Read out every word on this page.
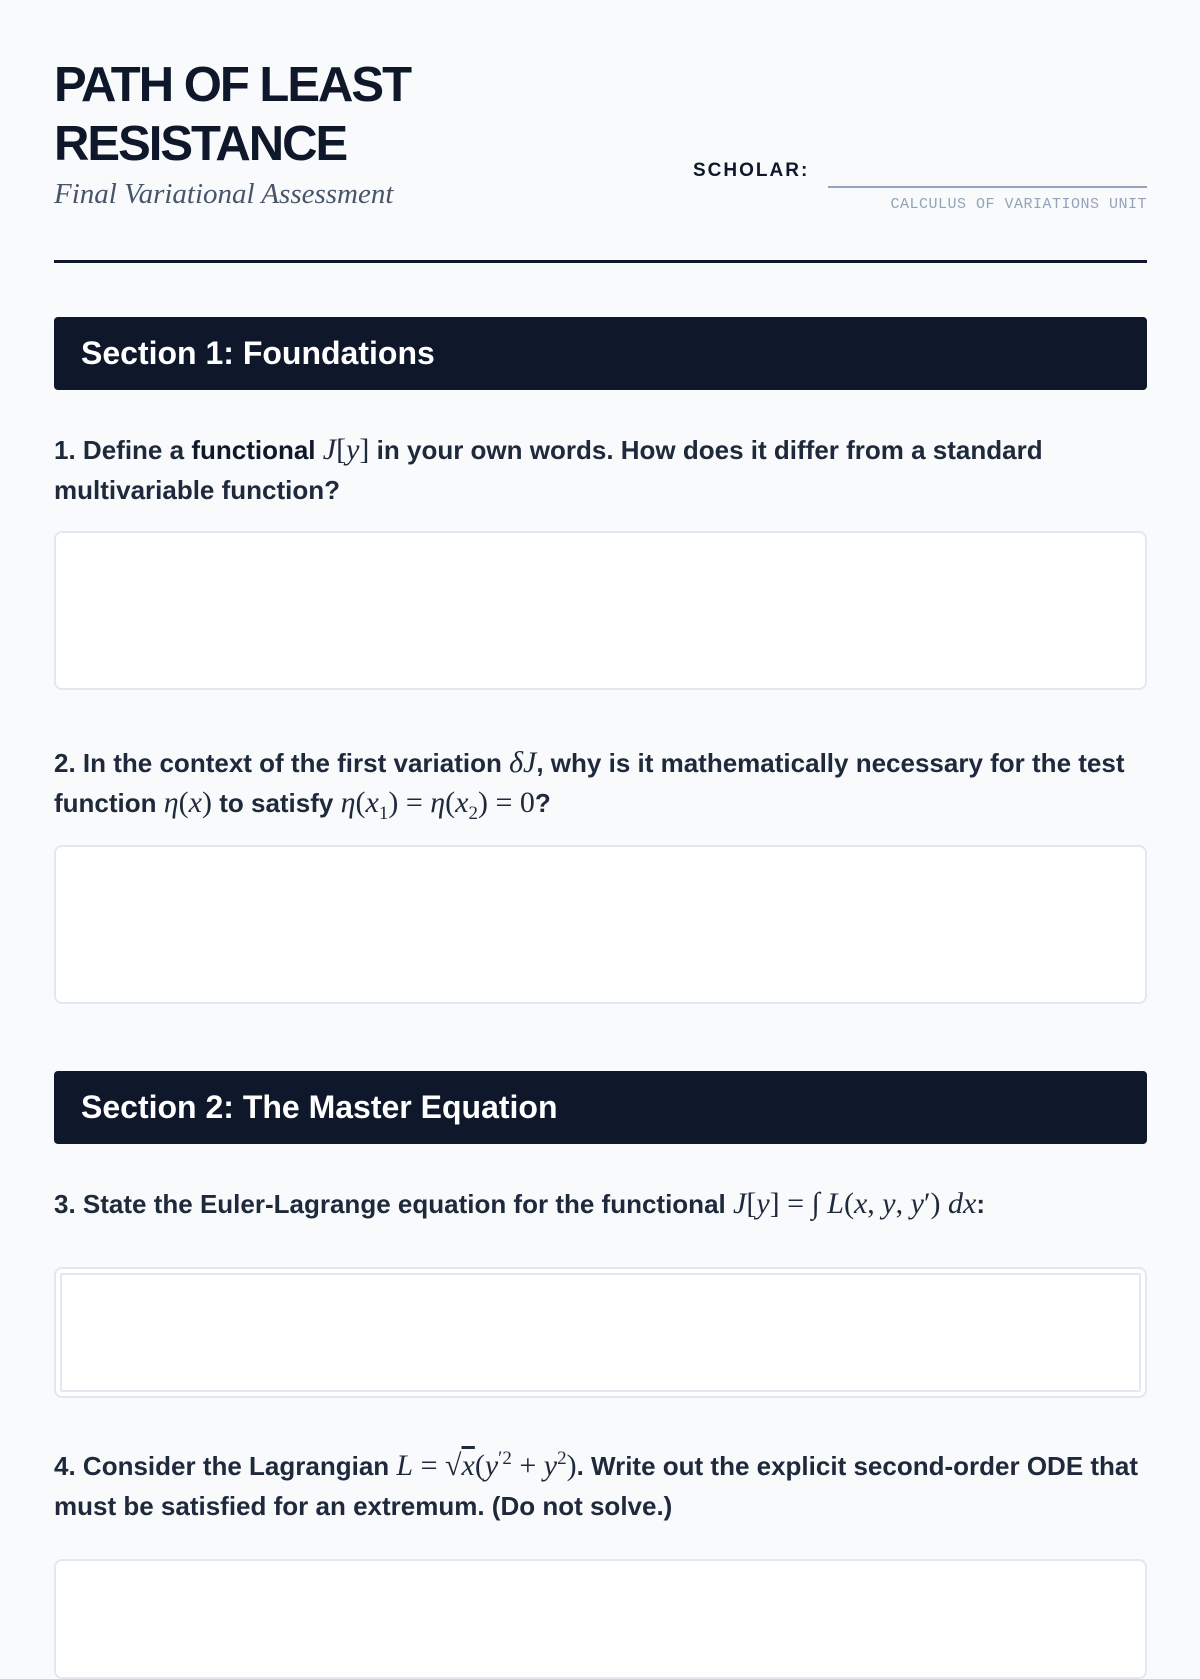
PATH OF LEAST
RESISTANCE
Final Variational Assessment
SCHOLAR:
CALCULUS OF VARIATIONS UNIT
Section 1: Foundations
1. Define a functional J[y] in your own words. How does it differ from a standard multivariable function?
2. In the context of the first variation δJ, why is it mathematically necessary for the test function η(x) to satisfy $\eta(x_1) = \eta(x_2) = 0$?
Section 2: The Master Equation
3. State the Euler-Lagrange equation for the functional J[y] = ∫ L(x, y, y′) dx:
4. Consider the Lagrangian $L = √x(y^{'2} + y^2)$. Write out the explicit second-order ODE that must be satisfied for an extremum. (Do not solve.)
